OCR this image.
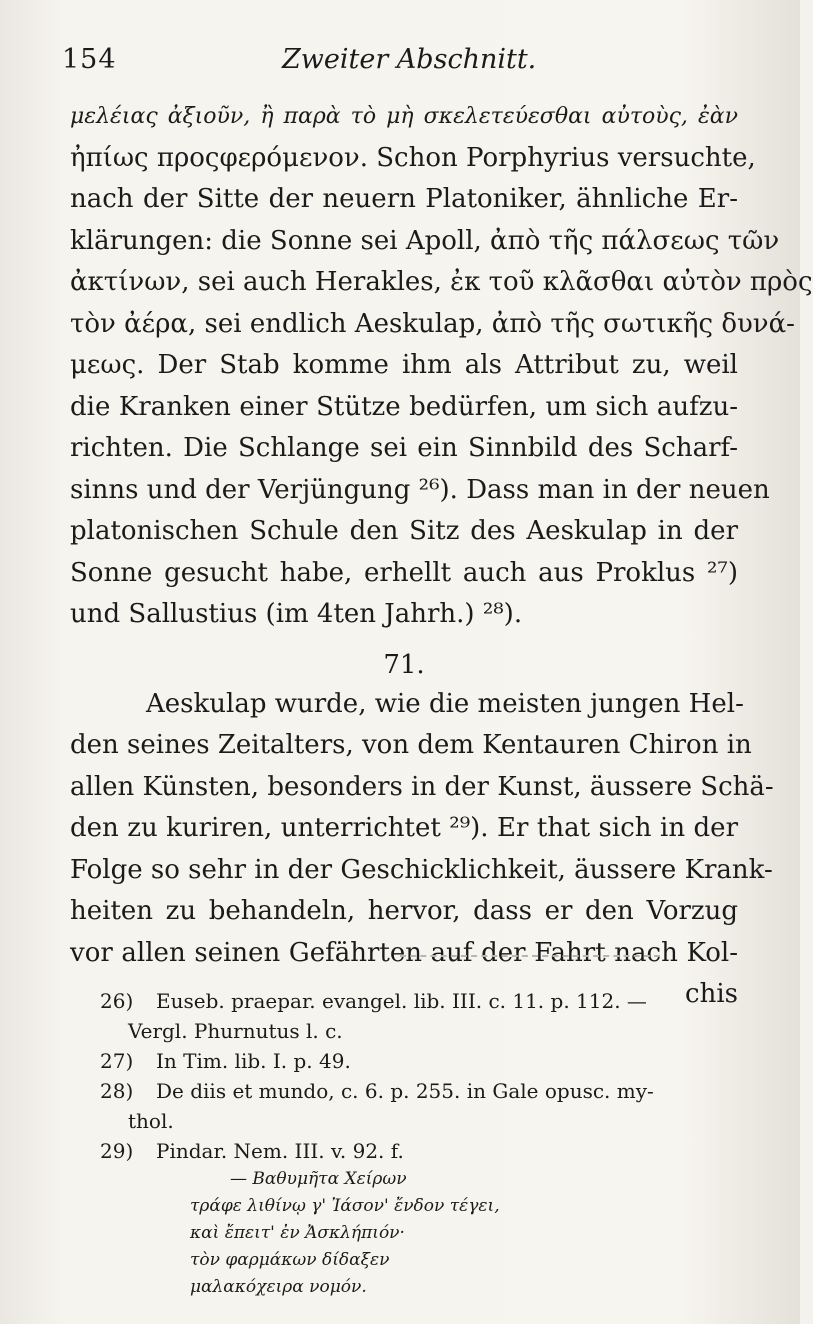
154	Zweiter Abschnitt.
μελέιας ἀξιοῦν, ἢ παρὰ τὸ μὴ σκελετεύεσθαι αὐτοὺς, ἐὰν
ἠπίως προςφερόμενον. Schon Porphyrius versuchte,
nach der Sitte der neuern Platoniker, ähnliche Er-
klärungen: die Sonne sei Apoll, ἀπὸ τῆς πάλσεως τῶν
ἀκτίνων, sei auch Herakles, ἐκ τοῦ κλᾶσθαι αὐτὸν πρὸς
τὸν ἀέρα, sei endlich Aeskulap, ἀπὸ τῆς σωτικῆς δυνά-
μεως. Der Stab komme ihm als Attribut zu, weil
die Kranken einer Stütze bedürfen, um sich aufzu-
richten. Die Schlange sei ein Sinnbild des Scharf-
sinns und der Verjüngung ²⁶). Dass man in der neuen
platonischen Schule den Sitz des Aeskulap in der
Sonne gesucht habe, erhellt auch aus Proklus ²⁷)
und Sallustius (im 4ten Jahrh.) ²⁸).
71.
Aeskulap wurde, wie die meisten jungen Hel-
den seines Zeitalters, von dem Kentauren Chiron in
allen Künsten, besonders in der Kunst, äussere Schä-
den zu kuriren, unterrichtet ²⁹). Er that sich in der
Folge so sehr in der Geschicklichkeit, äussere Krank-
heiten zu behandeln, hervor, dass er den Vorzug
vor allen seinen Gefährten auf der Fahrt nach Kol-
chis
26) Euseb. praepar. evangel. lib. III. c. 11. p. 112. —
Vergl. Phurnutus l. c.
27) In Tim. lib. I. p. 49.
28) De diis et mundo, c. 6. p. 255. in Gale opusc. my-
thol.
29) Pindar. Nem. III. v. 92. f.
— Βαθυμῆτα Χείρων
τράφε λιθίνῳ γ' Ἰάσον' ἔνδον τέγει,
καὶ ἔπειτ' ἐν Ἀσκλήπιόν·
τὸν φαρμάκων δίδαξεν
μαλακόχειρα νομόν.
